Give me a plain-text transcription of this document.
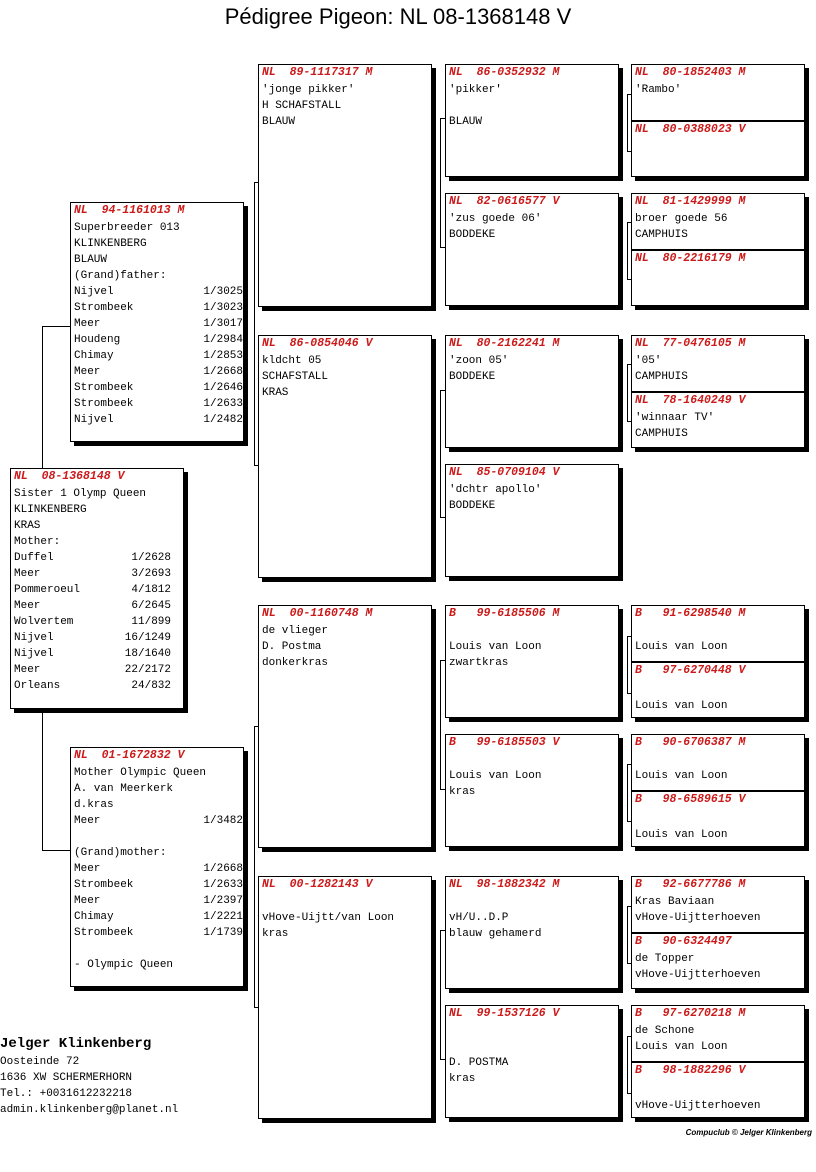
Pédigree Pigeon: NL 08-1368148 V
NL  08-1368148 V
Sister 1 Olymp Queen
KLINKENBERG
KRAS
Mother:
Duffel	1/2628
Meer	3/2693
Pommeroeul	4/1812
Meer	6/2645
Wolvertem	11/899
Nijvel	16/1249
Nijvel	18/1640
Meer	22/2172
Orleans	24/832
NL  94-1161013 M
Superbreeder 013
KLINKENBERG
BLAUW
(Grand)father:
Nijvel	1/3025
Strombeek	1/3023
Meer	1/3017
Houdeng	1/2984
Chimay	1/2853
Meer	1/2668
Strombeek	1/2646
Strombeek	1/2633
Nijvel	1/2482
NL  01-1672832 V
Mother Olympic Queen
A. van Meerkerk
d.kras
Meer	1/3482
(Grand)mother:
Meer	1/2668
Strombeek	1/2633
Meer	1/2397
Chimay	1/2221
Strombeek	1/1739
- Olympic Queen
NL  89-1117317 M
'jonge pikker'
H SCHAFSTALL
BLAUW
NL  86-0854046 V
kldcht 05
SCHAFSTALL
KRAS
NL  00-1160748 M
de vlieger
D. Postma
donkerkras
NL  00-1282143 V
vHove-Uijtt/van Loon
kras
NL  86-0352932 M
'pikker'
BLAUW
NL  82-0616577 V
'zus goede 06'
BODDEKE
NL  80-2162241 M
'zoon 05'
BODDEKE
NL  85-0709104 V
'dchtr apollo'
BODDEKE
B   99-6185506 M
Louis van Loon
zwartkras
B   99-6185503 V
Louis van Loon
kras
NL  98-1882342 M
vH/U..D.P
blauw gehamerd
NL  99-1537126 V
D. POSTMA
kras
NL  80-1852403 M
'Rambo'
NL  80-0388023 V
NL  81-1429999 M
broer goede 56
CAMPHUIS
NL  80-2216179 M
NL  77-0476105 M
'05'
CAMPHUIS
NL  78-1640249 V
'winnaar TV'
CAMPHUIS
B   91-6298540 M
Louis van Loon
B   97-6270448 V
Louis van Loon
B   90-6706387 M
Louis van Loon
B   98-6589615 V
Louis van Loon
B   92-6677786 M
Kras Baviaan
vHove-Uijtterhoeven
B   90-6324497
de Topper
vHove-Uijtterhoeven
B   97-6270218 M
de Schone
Louis van Loon
B   98-1882296 V
vHove-Uijtterhoeven
Jelger Klinkenberg
Oosteinde 72
1636 XW SCHERMERHORN
Tel.: +0031612232218
admin.klinkenberg@planet.nl
Compuclub © Jelger Klinkenberg
